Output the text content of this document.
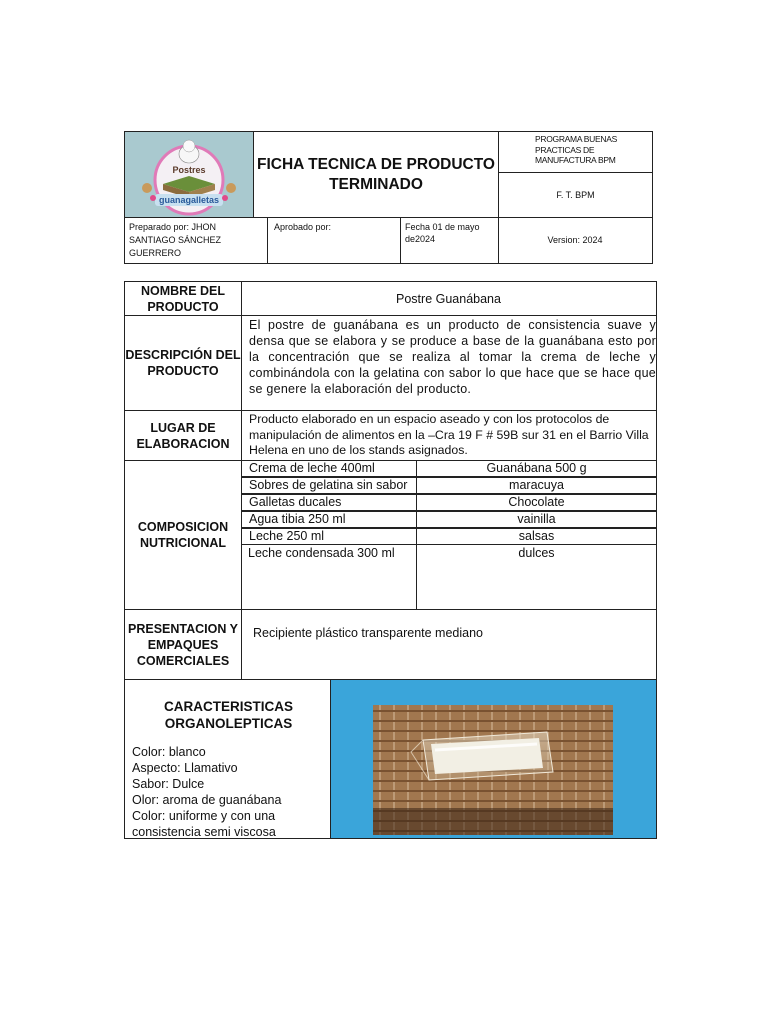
Postres
guanagalletas
FICHA TECNICA DE PRODUCTO TERMINADO
PROGRAMA BUENAS PRACTICAS DE MANUFACTURA BPM
F. T. BPM
Preparado por: JHON SANTIAGO SÁNCHEZ GUERRERO
Aprobado por:	Fecha 01 de mayo de2024	Version: 2024
NOMBRE DEL PRODUCTO
Postre Guanábana
DESCRIPCIÓN DEL PRODUCTO
El postre de guanábana es un producto de consistencia suave y densa que se elabora y se produce a base de la guanábana esto por la concentración que se realiza al tomar la crema de leche y combinándola con la gelatina con sabor lo que hace que se hace que se genere la elaboración del producto.
LUGAR DE ELABORACION
Producto elaborado en un espacio aseado y con los protocolos de manipulación de alimentos en la –Cra 19 F # 59B sur 31 en el Barrio Villa Helena en uno de los stands asignados.
COMPOSICION NUTRICIONAL
Crema de leche 400ml
Sobres de gelatina sin sabor
Galletas ducales
Agua tibia 250 ml
Leche 250 ml
Leche condensada 300 ml
Guanábana 500 g
maracuya
Chocolate
vainilla
salsas
dulces
PRESENTACION Y EMPAQUES COMERCIALES
Recipiente plástico transparente mediano
CARACTERISTICAS ORGANOLEPTICAS
Color: blanco
Aspecto: Llamativo
Sabor: Dulce
Olor: aroma de guanábana
Color: uniforme y con una
consistencia semi viscosa
